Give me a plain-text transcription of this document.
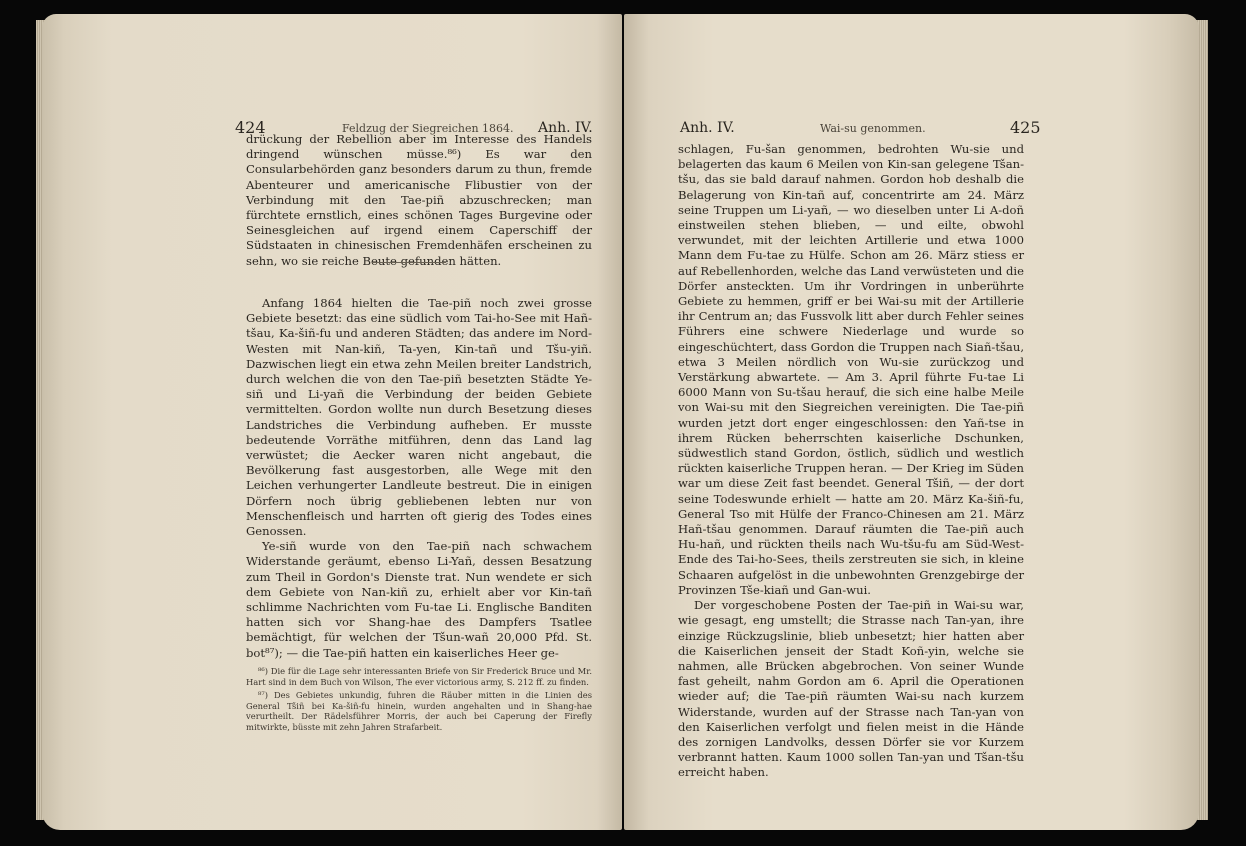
424	Feldzug der Siegreichen 1864. Anh. IV.

drückung der Rebellion aber im Interesse des Handels dringend wünschen müsse.⁸⁶) Es war den Consularbehörden ganz besonders darum zu thun, fremde Abenteurer und americanische Flibustier von der Verbindung mit den Tae-piñ abzuschrecken; man fürchtete ernstlich, eines schönen Tages Burgevine oder Seinesgleichen auf irgend einem Caperschiff der Südstaaten in chinesischen Fremdenhäfen erscheinen zu sehn, wo sie reiche Beute gefunden hätten.

Anfang 1864 hielten die Tae-piñ noch zwei grosse Gebiete besetzt: das eine südlich vom Tai-ho-See mit Hañ-tšau, Ka-šiñ-fu und anderen Städten; das andere im Nord-Westen mit Nan-kiñ, Ta-yen, Kin-tañ und Tšu-yiñ. Dazwischen liegt ein etwa zehn Meilen breiter Landstrich, durch welchen die von den Tae-piñ besetzten Städte Ye-siñ und Li-yañ die Verbindung der beiden Gebiete vermittelten. Gordon wollte nun durch Besetzung dieses Landstriches die Verbindung aufheben. Er musste bedeutende Vorräthe mitführen, denn das Land lag verwüstet; die Aecker waren nicht angebaut, die Bevölkerung fast ausgestorben, alle Wege mit den Leichen verhungerter Landleute bestreut. Die in einigen Dörfern noch übrig gebliebenen lebten nur von Menschenfleisch und harrten oft gierig des Todes eines Genossen.

Ye-siñ wurde von den Tae-piñ nach schwachem Widerstande geräumt, ebenso Li-Yañ, dessen Besatzung zum Theil in Gordon's Dienste trat. Nun wendete er sich dem Gebiete von Nan-kiñ zu, erhielt aber vor Kin-tañ schlimme Nachrichten vom Fu-tae Li. Englische Banditen hatten sich vor Shang-hae des Dampfers Tsatlee bemächtigt, für welchen der Tšun-wañ 20,000 Pfd. St. bot⁸⁷); — die Tae-piñ hatten ein kaiserliches Heer ge-

⁸⁶) Die für die Lage sehr interessanten Briefe von Sir Frederick Bruce und Mr. Hart sind in dem Buch von Wilson, The ever victorious army, S. 212 ff. zu finden.

⁸⁷) Des Gebietes unkundig, fuhren die Räuber mitten in die Linien des General Tšiñ bei Ka-šiñ-fu hinein, wurden angehalten und in Shang-hae verurtheilt. Der Rädelsführer Morris, der auch bei Caperung der Firefly mitwirkte, büsste mit zehn Jahren Strafarbeit.

Anh. IV.	Wai-su genommen.	425

schlagen, Fu-šan genommen, bedrohten Wu-sie und belagerten das kaum 6 Meilen von Kin-san gelegene Tšan-tšu, das sie bald darauf nahmen. Gordon hob deshalb die Belagerung von Kin-tañ auf, concentrirte am 24. März seine Truppen um Li-yañ, — wo dieselben unter Li A-doñ einstweilen stehen blieben, — und eilte, obwohl verwundet, mit der leichten Artillerie und etwa 1000 Mann dem Fu-tae zu Hülfe. Schon am 26. März stiess er auf Rebellenhorden, welche das Land verwüsteten und die Dörfer ansteckten. Um ihr Vordringen in unberührte Gebiete zu hemmen, griff er bei Wai-su mit der Artillerie ihr Centrum an; das Fussvolk litt aber durch Fehler seines Führers eine schwere Niederlage und wurde so eingeschüchtert, dass Gordon die Truppen nach Siañ-tšau, etwa 3 Meilen nördlich von Wu-sie zurückzog und Verstärkung abwartete. — Am 3. April führte Fu-tae Li 6000 Mann von Su-tšau herauf, die sich eine halbe Meile von Wai-su mit den Siegreichen vereinigten. Die Tae-piñ wurden jetzt dort enger eingeschlossen: den Yañ-tse in ihrem Rücken beherrschten kaiserliche Dschunken, südwestlich stand Gordon, östlich, südlich und westlich rückten kaiserliche Truppen heran. — Der Krieg im Süden war um diese Zeit fast beendet. General Tšiñ, — der dort seine Todeswunde erhielt — hatte am 20. März Ka-šiñ-fu, General Tso mit Hülfe der Franco-Chinesen am 21. März Hañ-tšau genommen. Darauf räumten die Tae-piñ auch Hu-hañ, und rückten theils nach Wu-tšu-fu am Süd-West-Ende des Tai-ho-Sees, theils zerstreuten sie sich, in kleine Schaaren aufgelöst in die unbewohnten Grenzgebirge der Provinzen Tše-kiañ und Gan-wui.

Der vorgeschobene Posten der Tae-piñ in Wai-su war, wie gesagt, eng umstellt; die Strasse nach Tan-yan, ihre einzige Rückzugslinie, blieb unbesetzt; hier hatten aber die Kaiserlichen jenseit der Stadt Koñ-yin, welche sie nahmen, alle Brücken abgebrochen. Von seiner Wunde fast geheilt, nahm Gordon am 6. April die Operationen wieder auf; die Tae-piñ räumten Wai-su nach kurzem Widerstande, wurden auf der Strasse nach Tan-yan von den Kaiserlichen verfolgt und fielen meist in die Hände des zornigen Landvolks, dessen Dörfer sie vor Kurzem verbrannt hatten. Kaum 1000 sollen Tan-yan und Tšan-tšu erreicht haben.
